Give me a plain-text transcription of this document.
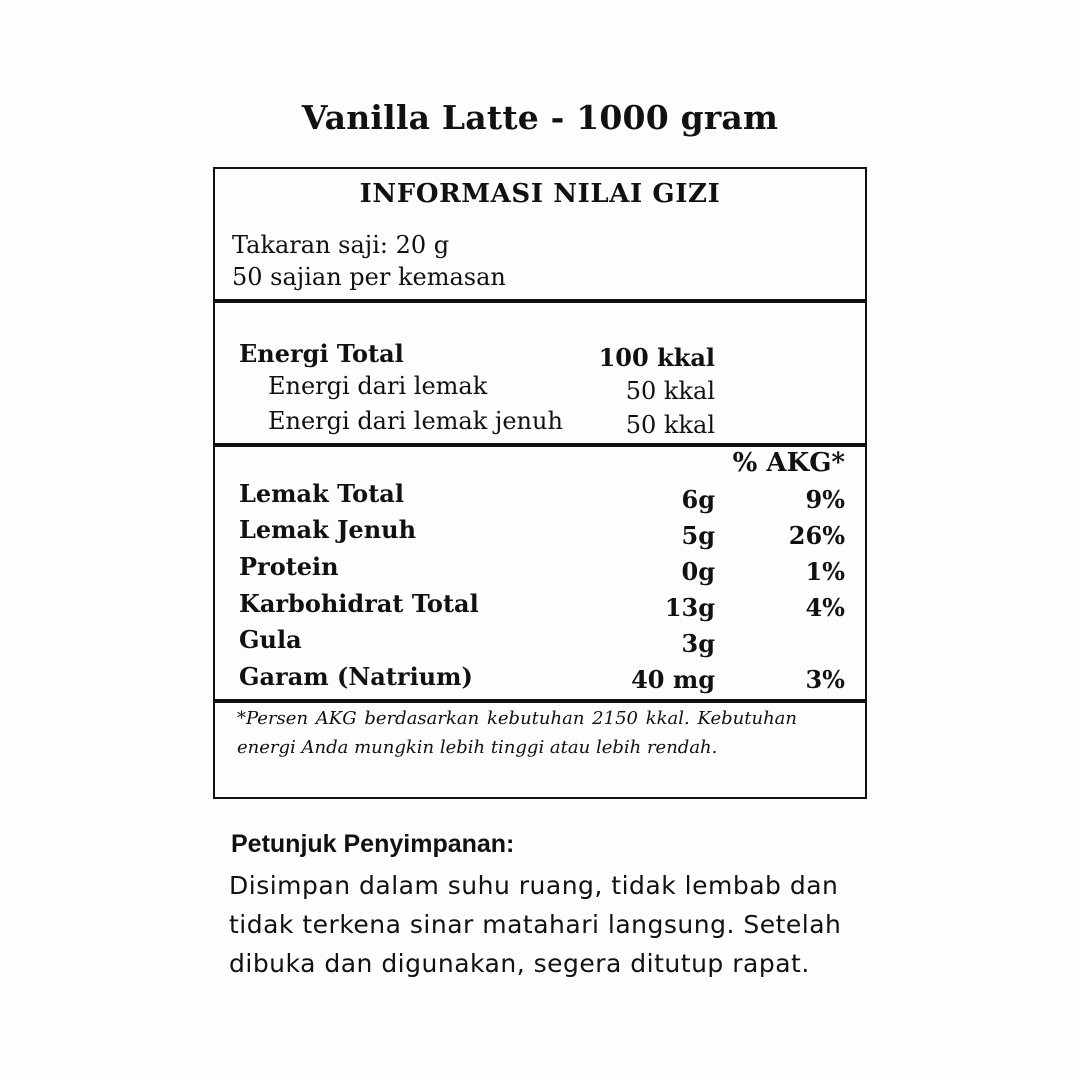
Vanilla Latte - 1000 gram
INFORMASI NILAI GIZI
Takaran saji: 20 g
50 sajian per kemasan
Energi Total	100 kkal
Energi dari lemak	50 kkal
Energi dari lemak jenuh	50 kkal
% AKG*
Lemak Total	6g	9%
Lemak Jenuh	5g	26%
Protein	0g	1%
Karbohidrat Total	13g	4%
Gula	3g
Garam (Natrium)	40 mg	3%
*Persen AKG berdasarkan kebutuhan 2150 kkal. Kebutuhan energi Anda mungkin lebih tinggi atau lebih rendah.
Petunjuk Penyimpanan:
Disimpan dalam suhu ruang, tidak lembab dan tidak terkena sinar matahari langsung. Setelah dibuka dan digunakan, segera ditutup rapat.
